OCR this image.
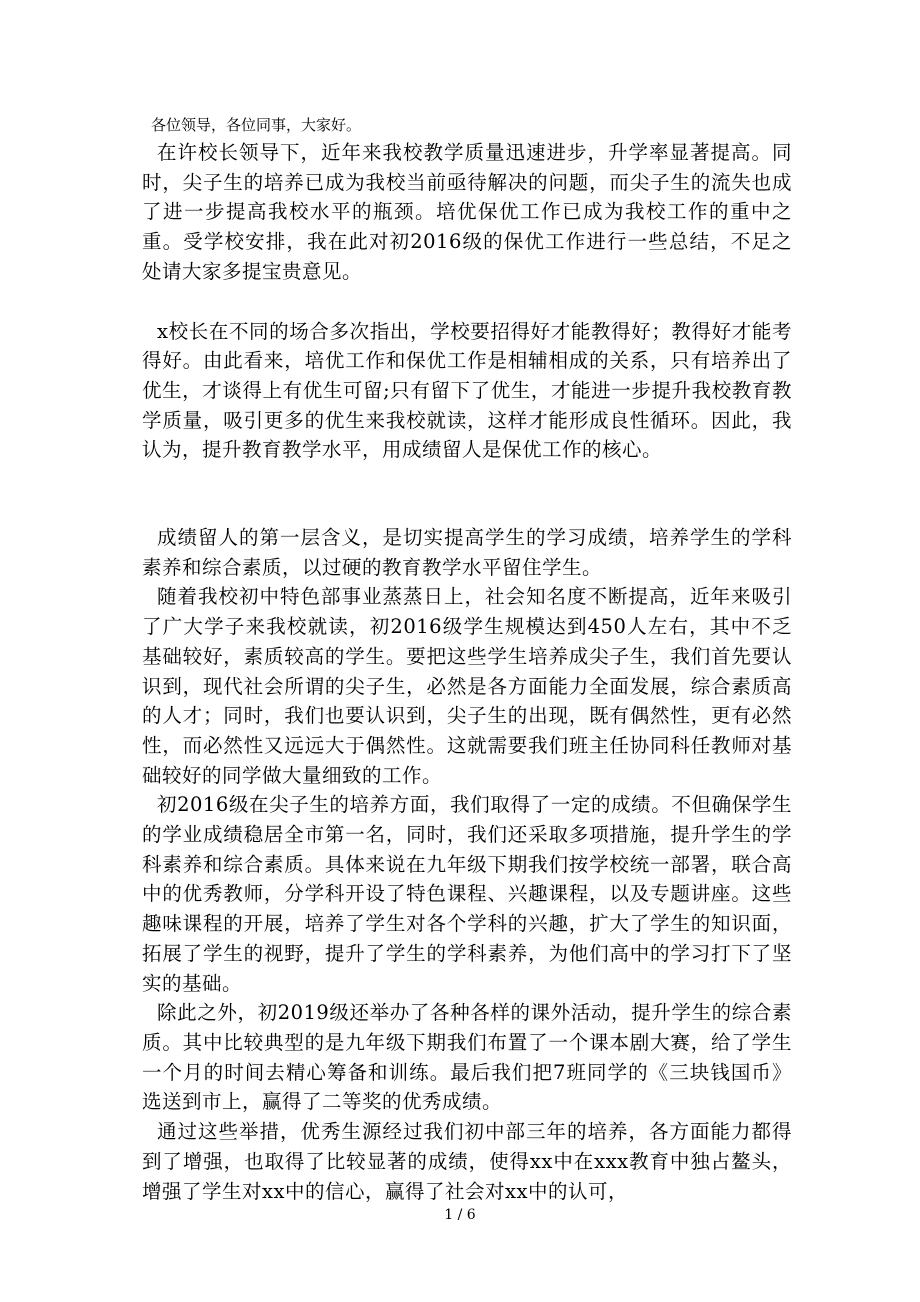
各位领导，各位同事，大家好。

在许校长领导下，近年来我校教学质量迅速进步，升学率显著提高。同时，尖子生的培养已成为我校当前亟待解决的问题，而尖子生的流失也成了进一步提高我校水平的瓶颈。培优保优工作已成为我校工作的重中之重。受学校安排，我在此对初2016级的保优工作进行一些总结，不足之处请大家多提宝贵意见。

x校长在不同的场合多次指出，学校要招得好才能教得好；教得好才能考得好。由此看来，培优工作和保优工作是相辅相成的关系，只有培养出了优生，才谈得上有优生可留;只有留下了优生，才能进一步提升我校教育教学质量，吸引更多的优生来我校就读，这样才能形成良性循环。因此，我认为，提升教育教学水平，用成绩留人是保优工作的核心。

成绩留人的第一层含义，是切实提高学生的学习成绩，培养学生的学科素养和综合素质，以过硬的教育教学水平留住学生。

随着我校初中特色部事业蒸蒸日上，社会知名度不断提高，近年来吸引了广大学子来我校就读，初2016级学生规模达到450人左右，其中不乏基础较好，素质较高的学生。要把这些学生培养成尖子生，我们首先要认识到，现代社会所谓的尖子生，必然是各方面能力全面发展，综合素质高的人才；同时，我们也要认识到，尖子生的出现，既有偶然性，更有必然性，而必然性又远远大于偶然性。这就需要我们班主任协同科任教师对基础较好的同学做大量细致的工作。

初2016级在尖子生的培养方面，我们取得了一定的成绩。不但确保学生的学业成绩稳居全市第一名，同时，我们还采取多项措施，提升学生的学科素养和综合素质。具体来说在九年级下期我们按学校统一部署，联合高中的优秀教师，分学科开设了特色课程、兴趣课程，以及专题讲座。这些趣味课程的开展，培养了学生对各个学科的兴趣，扩大了学生的知识面，拓展了学生的视野，提升了学生的学科素养，为他们高中的学习打下了坚实的基础。

除此之外，初2019级还举办了各种各样的课外活动，提升学生的综合素质。其中比较典型的是九年级下期我们布置了一个课本剧大赛，给了学生一个月的时间去精心筹备和训练。最后我们把7班同学的《三块钱国币》选送到市上，赢得了二等奖的优秀成绩。

通过这些举措，优秀生源经过我们初中部三年的培养，各方面能力都得到了增强，也取得了比较显著的成绩，使得xx中在xxx教育中独占鳌头，增强了学生对xx中的信心，赢得了社会对xx中的认可，

1 / 6
